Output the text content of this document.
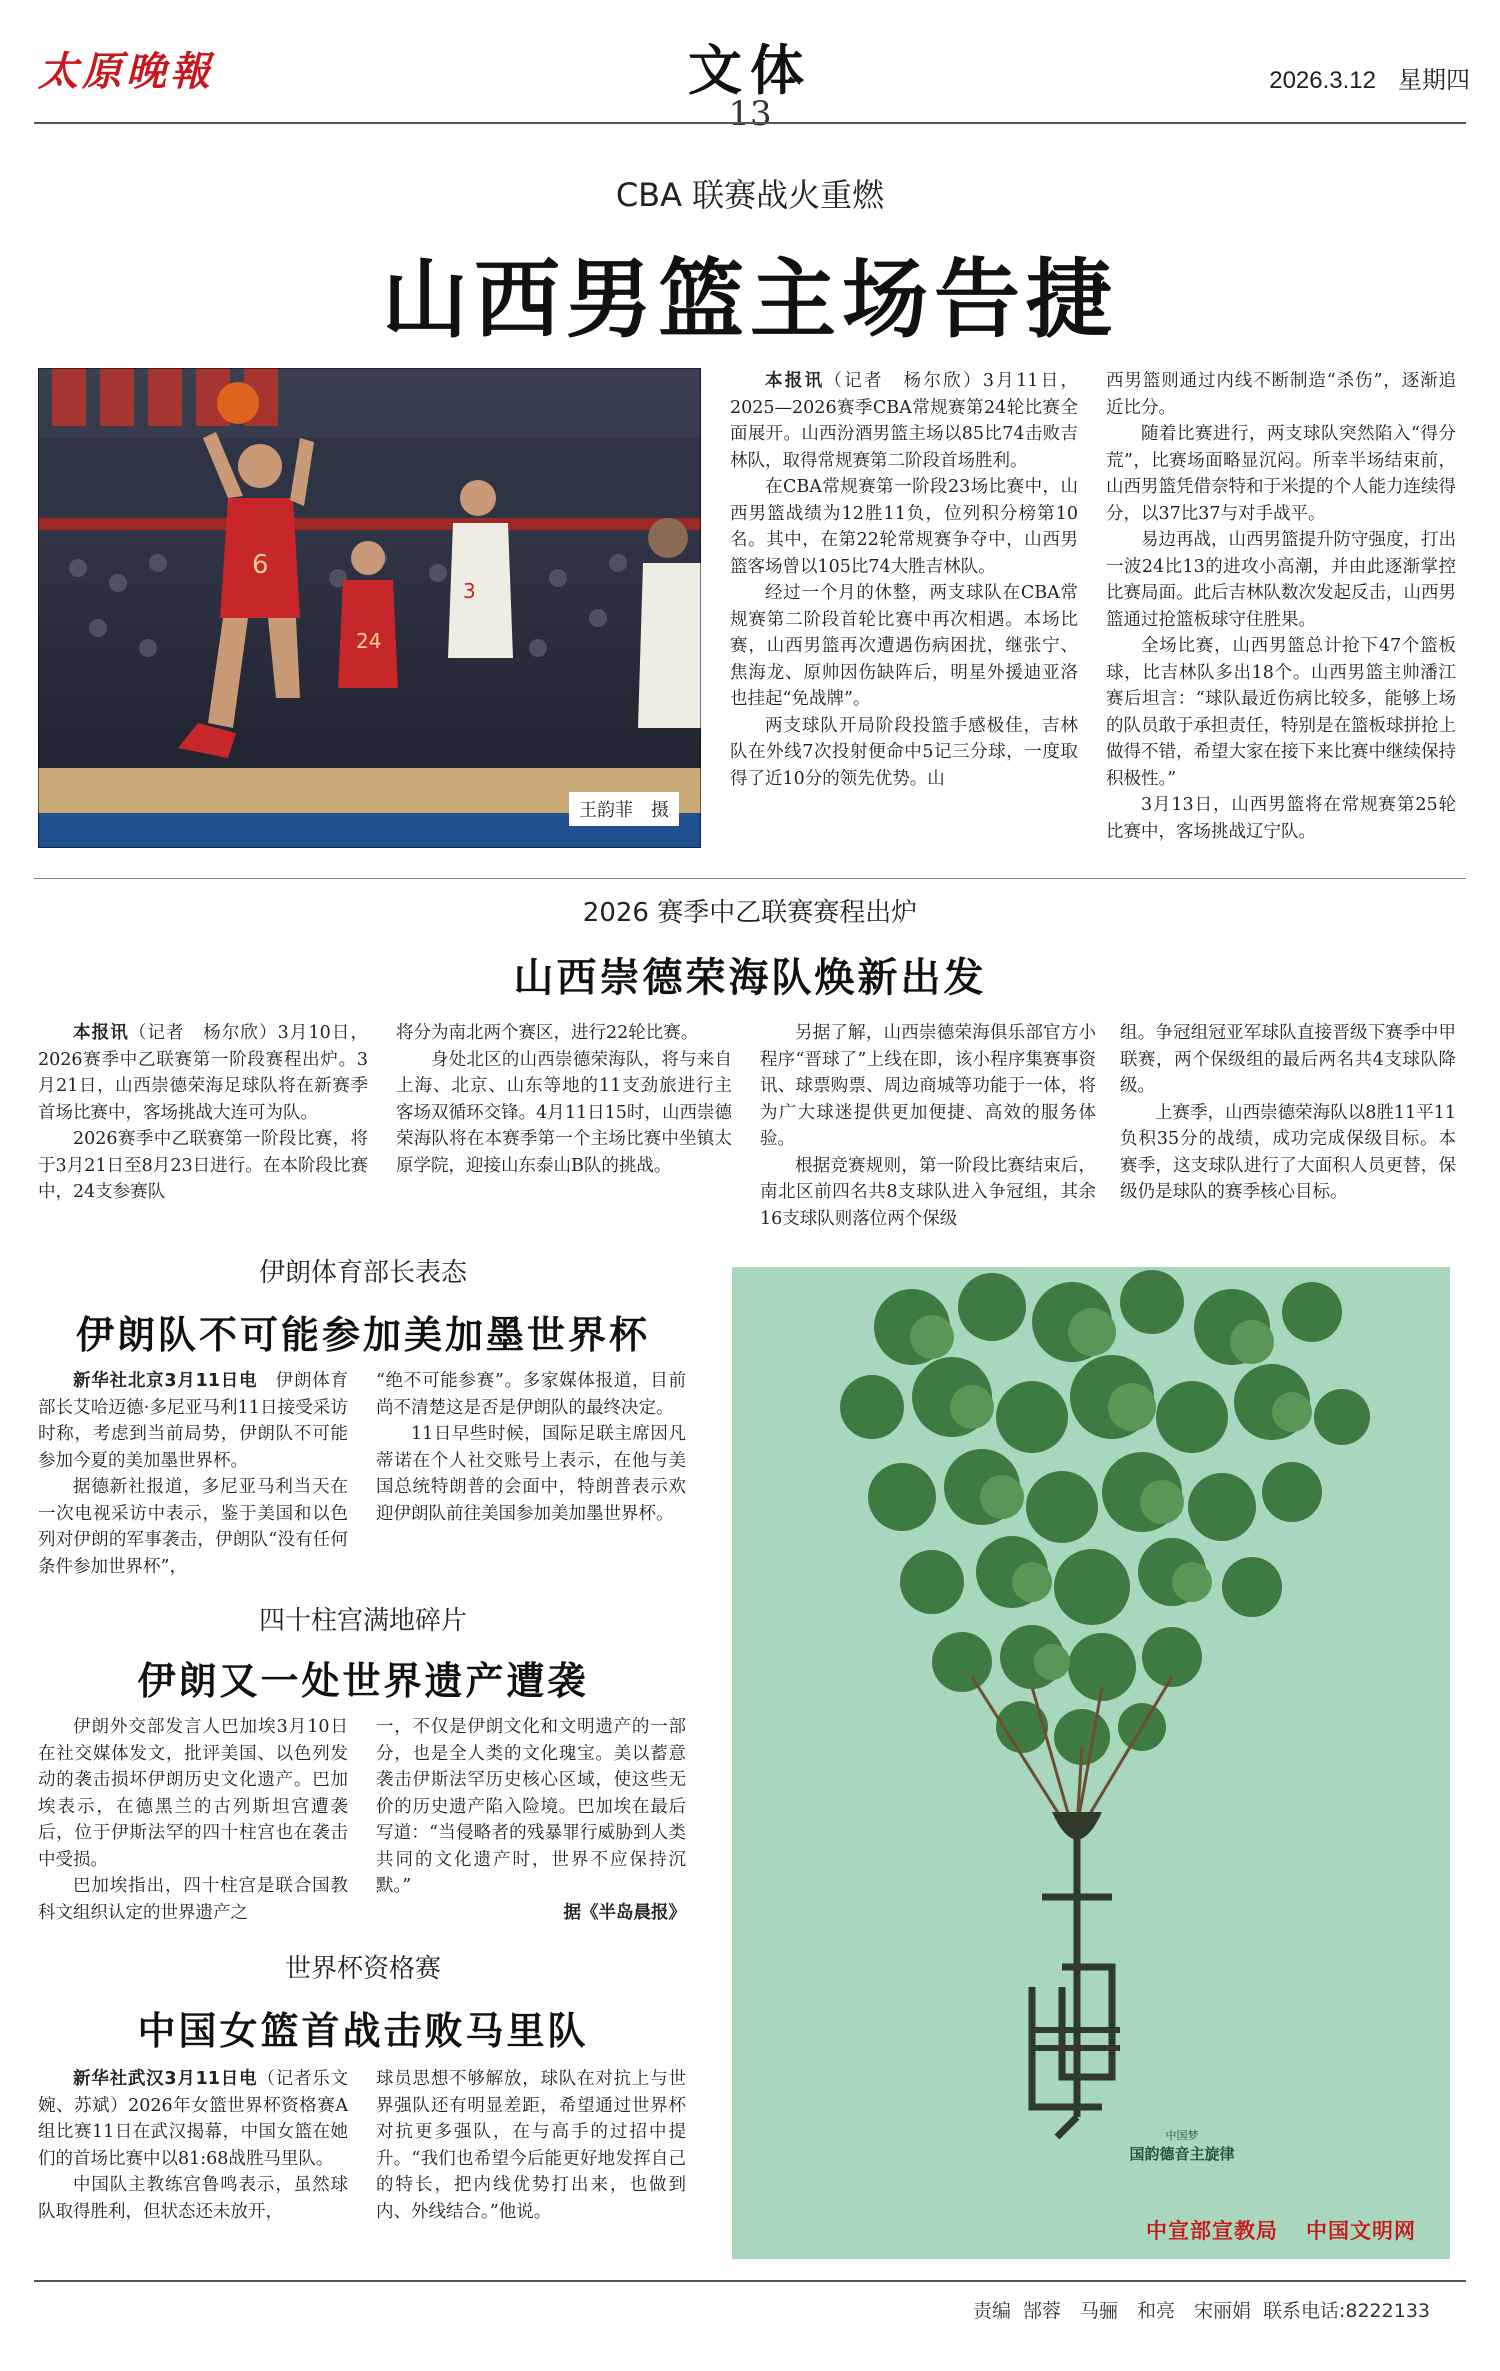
太原晚報	文体
13
2026.3.12 星期四
CBA 联赛战火重燃
山西男篮主场告捷
6
24
3
王韵菲　摄

本报讯（记者　杨尔欣）3月11日，2025—2026赛季CBA常规赛第24轮比赛全面展开。山西汾酒男篮主场以85比74击败吉林队，取得常规赛第二阶段首场胜利。

在CBA常规赛第一阶段23场比赛中，山西男篮战绩为12胜11负，位列积分榜第10名。其中，在第22轮常规赛争夺中，山西男篮客场曾以105比74大胜吉林队。

经过一个月的休整，两支球队在CBA常规赛第二阶段首轮比赛中再次相遇。本场比赛，山西男篮再次遭遇伤病困扰，继张宁、焦海龙、原帅因伤缺阵后，明星外援迪亚洛也挂起“免战牌”。

两支球队开局阶段投篮手感极佳，吉林队在外线7次投射便命中5记三分球，一度取得了近10分的领先优势。山

西男篮则通过内线不断制造“杀伤”，逐渐追近比分。

随着比赛进行，两支球队突然陷入“得分荒”，比赛场面略显沉闷。所幸半场结束前，山西男篮凭借奈特和于米提的个人能力连续得分，以37比37与对手战平。

易边再战，山西男篮提升防守强度，打出一波24比13的进攻小高潮，并由此逐渐掌控比赛局面。此后吉林队数次发起反击，山西男篮通过抢篮板球守住胜果。

全场比赛，山西男篮总计抢下47个篮板球，比吉林队多出18个。山西男篮主帅潘江赛后坦言：“球队最近伤病比较多，能够上场的队员敢于承担责任，特别是在篮板球拼抢上做得不错，希望大家在接下来比赛中继续保持积极性。”

3月13日，山西男篮将在常规赛第25轮比赛中，客场挑战辽宁队。

2026 赛季中乙联赛赛程出炉
山西崇德荣海队焕新出发

本报讯（记者　杨尔欣）3月10日，2026赛季中乙联赛第一阶段赛程出炉。3月21日，山西崇德荣海足球队将在新赛季首场比赛中，客场挑战大连可为队。

2026赛季中乙联赛第一阶段比赛，将于3月21日至8月23日进行。在本阶段比赛中，24支参赛队

将分为南北两个赛区，进行22轮比赛。

身处北区的山西崇德荣海队，将与来自上海、北京、山东等地的11支劲旅进行主客场双循环交锋。4月11日15时，山西崇德荣海队将在本赛季第一个主场比赛中坐镇太原学院，迎接山东泰山B队的挑战。

另据了解，山西崇德荣海俱乐部官方小程序“晋球了”上线在即，该小程序集赛事资讯、球票购票、周边商城等功能于一体，将为广大球迷提供更加便捷、高效的服务体验。

根据竞赛规则，第一阶段比赛结束后，南北区前四名共8支球队进入争冠组，其余16支球队则落位两个保级

组。争冠组冠亚军球队直接晋级下赛季中甲联赛，两个保级组的最后两名共4支球队降级。

上赛季，山西崇德荣海队以8胜11平11负积35分的战绩，成功完成保级目标。本赛季，这支球队进行了大面积人员更替，保级仍是球队的赛季核心目标。

伊朗体育部长表态
伊朗队不可能参加美加墨世界杯

新华社北京3月11日电　伊朗体育部长艾哈迈德·多尼亚马利11日接受采访时称，考虑到当前局势，伊朗队不可能参加今夏的美加墨世界杯。

据德新社报道，多尼亚马利当天在一次电视采访中表示，鉴于美国和以色列对伊朗的军事袭击，伊朗队“没有任何条件参加世界杯”，

“绝不可能参赛”。多家媒体报道，目前尚不清楚这是否是伊朗队的最终决定。

11日早些时候，国际足联主席因凡蒂诺在个人社交账号上表示，在他与美国总统特朗普的会面中，特朗普表示欢迎伊朗队前往美国参加美加墨世界杯。

四十柱宫满地碎片
伊朗又一处世界遗产遭袭

伊朗外交部发言人巴加埃3月10日在社交媒体发文，批评美国、以色列发动的袭击损坏伊朗历史文化遗产。巴加埃表示，在德黑兰的古列斯坦宫遭袭后，位于伊斯法罕的四十柱宫也在袭击中受损。

巴加埃指出，四十柱宫是联合国教科文组织认定的世界遗产之

一，不仅是伊朗文化和文明遗产的一部分，也是全人类的文化瑰宝。美以蓄意袭击伊斯法罕历史核心区域，使这些无价的历史遗产陷入险境。巴加埃在最后写道：“当侵略者的残暴罪行威胁到人类共同的文化遗产时，世界不应保持沉默。”

据《半岛晨报》

世界杯资格赛
中国女篮首战击败马里队

新华社武汉3月11日电（记者乐文婉、苏斌）2026年女篮世界杯资格赛A组比赛11日在武汉揭幕，中国女篮在她们的首场比赛中以81:68战胜马里队。

中国队主教练宫鲁鸣表示，虽然球队取得胜利，但状态还未放开，

球员思想不够解放，球队在对抗上与世界强队还有明显差距，希望通过世界杯对抗更多强队，在与高手的过招中提升。“我们也希望今后能更好地发挥自己的特长，把内线优势打出来，也做到内、外线结合。”他说。

中国梦
国韵德音主旋律
中宣部宣教局 中国文明网
责编 郜蓉　马骊　和亮　宋丽娟 联系电话:8222133
